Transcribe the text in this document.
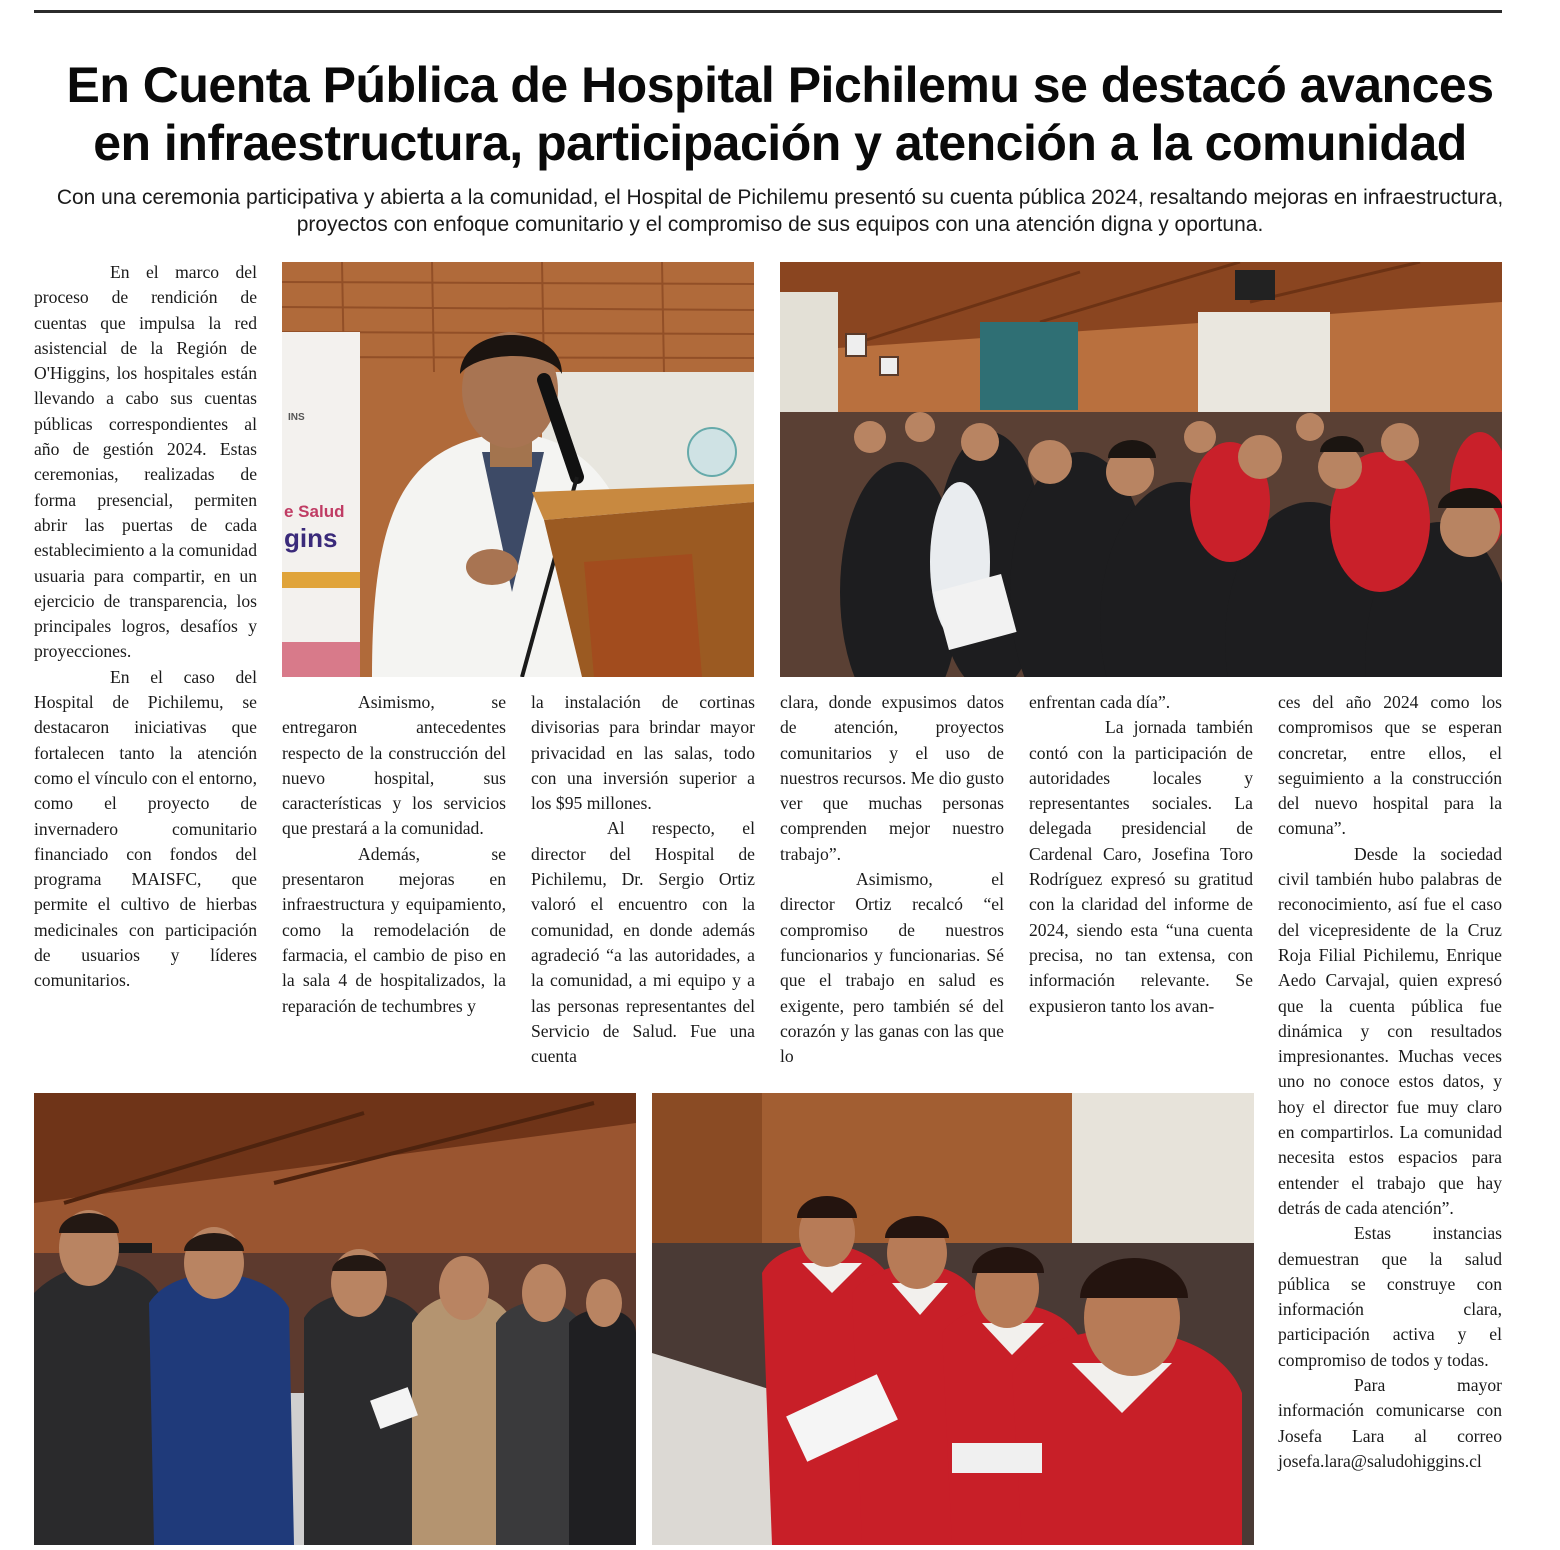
En Cuenta Pública de Hospital Pichilemu se destacó avances
en infraestructura, participación y atención a la comunidad

Con una ceremonia participativa y abierta a la comunidad, el Hospital de Pichilemu presentó su cuenta pública 2024, resaltando mejoras en infraestructura,
proyectos con enfoque comunitario y el compromiso de sus equipos con una atención digna y oportuna.

e Salud
gins
INS

En el marco del proceso de rendición de cuentas que impulsa la red asistencial de la Región de O'Higgins, los hospitales están llevando a cabo sus cuentas públicas correspondientes al año de gestión 2024. Estas ceremonias, realizadas de forma presencial, permiten abrir las puertas de cada establecimiento a la comunidad usuaria para compartir, en un ejercicio de transparencia, los principales logros, desafíos y proyecciones.

En el caso del Hospital de Pichilemu, se destacaron iniciativas que fortalecen tanto la atención como el vínculo con el entorno, como el proyecto de invernadero comunitario financiado con fondos del programa MAISFC, que permite el cultivo de hierbas medicinales con participación de usuarios y líderes comunitarios.

Asimismo, se entregaron antecedentes respecto de la construcción del nuevo hospital, sus características y los servicios que prestará a la comunidad.

Además, se presentaron mejoras en infraestructura y equipamiento, como la remodelación de farmacia, el cambio de piso en la sala 4 de hospitalizados, la reparación de techumbres y

la instalación de cortinas divisorias para brindar mayor privacidad en las salas, todo con una inversión superior a los $95 millones.

Al respecto, el director del Hospital de Pichilemu, Dr. Sergio Ortiz valoró el encuentro con la comunidad, en donde además agradeció “a las autoridades, a la comunidad, a mi equipo y a las personas representantes del Servicio de Salud. Fue una cuenta

clara, donde expusimos datos de atención, proyectos comunitarios y el uso de nuestros recursos. Me dio gusto ver que muchas personas comprenden mejor nuestro trabajo”.

Asimismo, el director Ortiz recalcó “el compromiso de nuestros funcionarios y funcionarias. Sé que el trabajo en salud es exigente, pero también sé del corazón y las ganas con las que lo

enfrentan cada día”.

La jornada también contó con la participación de autoridades locales y representantes sociales. La delegada presidencial de Cardenal Caro, Josefina Toro Rodríguez expresó su gratitud con la claridad del informe de 2024, siendo esta “una cuenta precisa, no tan extensa, con información relevante. Se expusieron tanto los avan-

ces del año 2024 como los compromisos que se esperan concretar, entre ellos, el seguimiento a la construcción del nuevo hospital para la comuna”.

Desde la sociedad civil también hubo palabras de reconocimiento, así fue el caso del vicepresidente de la Cruz Roja Filial Pichilemu, Enrique Aedo Carvajal, quien expresó que la cuenta pública fue dinámica y con resultados impresionantes. Muchas veces uno no conoce estos datos, y hoy el director fue muy claro en compartirlos. La comunidad necesita estos espacios para entender el trabajo que hay detrás de cada atención”.

Estas instancias demuestran que la salud pública se construye con información clara, participación activa y el compromiso de todos y todas.

Para mayor información comunicarse con Josefa Lara al correo josefa.lara@saludohiggins.cl
